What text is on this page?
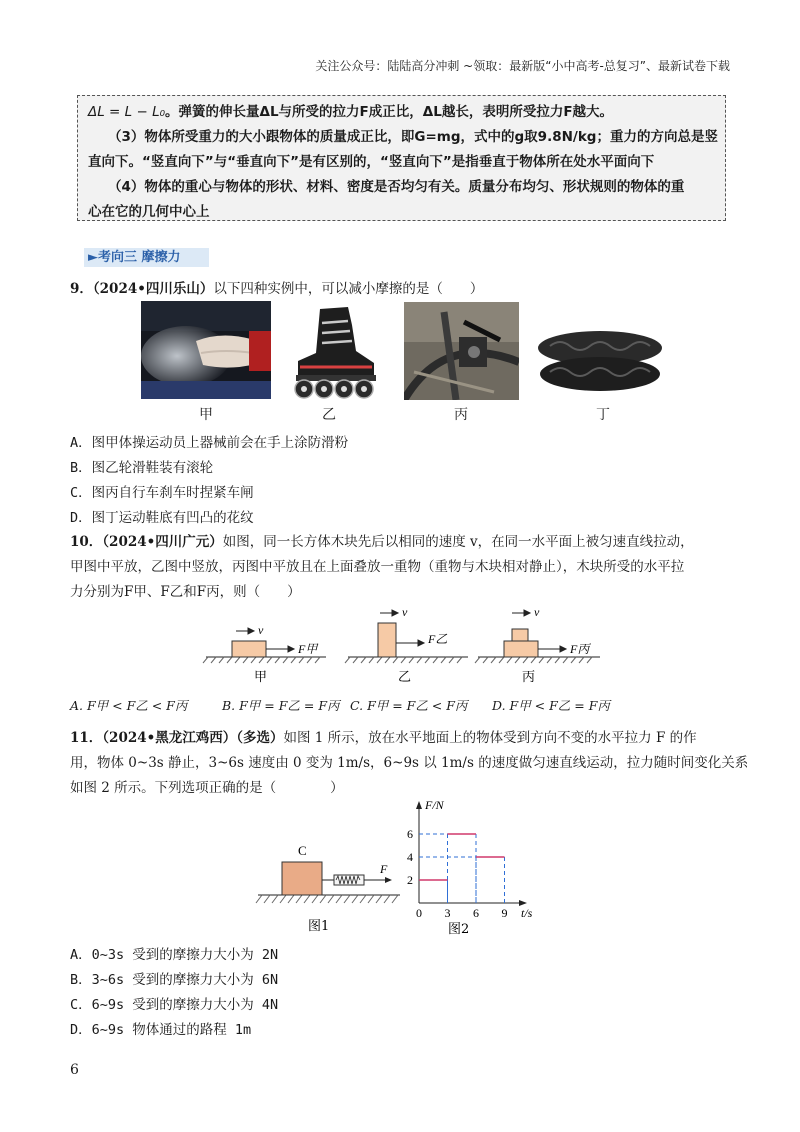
关注公众号：陆陆高分冲刺 ~领取：最新版“小中高考-总复习”、最新试卷下载
ΔL = L − L₀。弹簧的伸长量ΔL与所受的拉力F成正比，ΔL越长，表明所受拉力F越大。
（3）物体所受重力的大小跟物体的质量成正比，即G=mg，式中的g取9.8N/kg；重力的方向总是竖
直向下。“竖直向下”与“垂直向下”是有区别的，“竖直向下”是指垂直于物体所在处水平面向下
（4）物体的重心与物体的形状、材料、密度是否均匀有关。质量分布均匀、形状规则的物体的重
心在它的几何中心上
►考向三 摩擦力
9．（2024•四川乐山）以下四种实例中，可以减小摩擦的是（　　）
甲	乙	丙	丁
A．图甲体操运动员上器械前会在手上涂防滑粉
B．图乙轮滑鞋装有滚轮
C．图丙自行车刹车时捏紧车闸
D．图丁运动鞋底有凹凸的花纹
10．（2024•四川广元）如图，同一长方体木块先后以相同的速度 v，在同一水平面上被匀速直线拉动，
甲图中平放，乙图中竖放，丙图中平放且在上面叠放一重物（重物与木块相对静止），木块所受的水平拉
力分别为F甲、F乙和F丙，则（　　）
v
F甲
v
F乙
v
F丙
甲	乙	丙
A. F甲 < F乙 < F丙	B. F甲 = F乙 = F丙 C. F甲 = F乙 < F丙 D. F甲 < F乙 = F丙
11．（2024•黑龙江鸡西）（多选）如图 1 所示，放在水平地面上的物体受到方向不变的水平拉力 F 的作
用，物体 0~3s 静止，3~6s 速度由 0 变为 1m/s，6~9s 以 1m/s 的速度做匀速直线运动，拉力随时间变化关系
如图 2 所示。下列选项正确的是（　　　　）
C
F
图1
2
4
6
0 3 6 9
F/N
t/s
图2
A．0~3s 受到的摩擦力大小为 2N
B．3~6s 受到的摩擦力大小为 6N
C．6~9s 受到的摩擦力大小为 4N
D．6~9s 物体通过的路程 1m
6
